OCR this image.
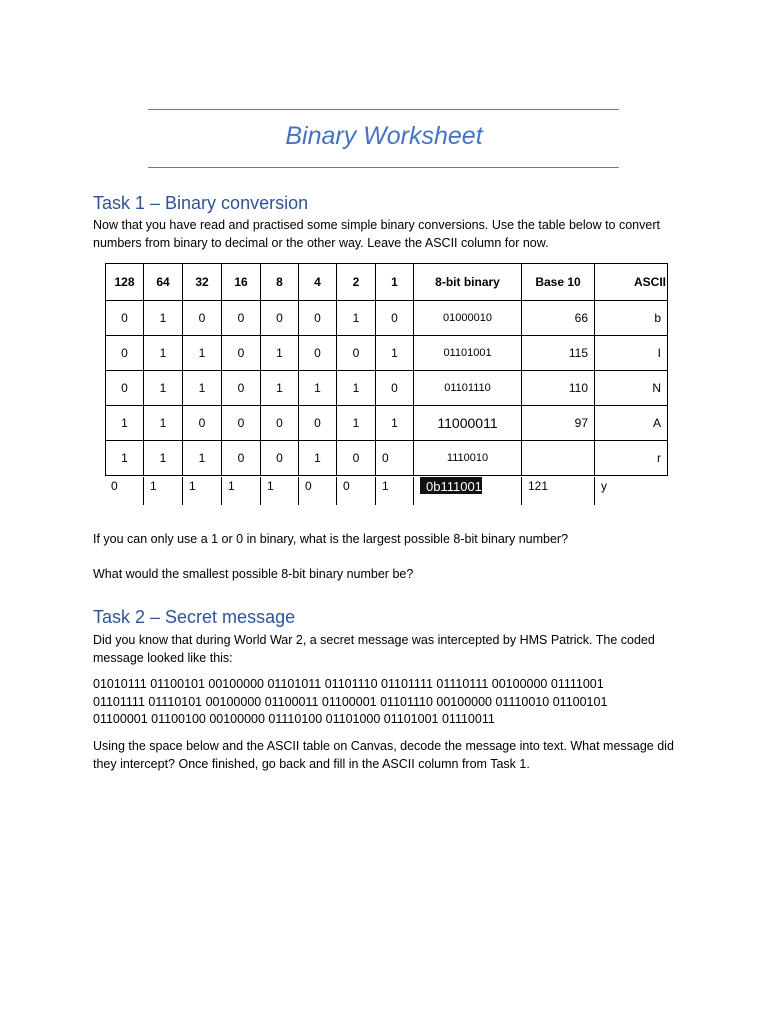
Binary Worksheet
Task 1 – Binary conversion

Now that you have read and practised some simple binary conversions. Use the table below to convert numbers from binary to decimal or the other way. Leave the ASCII column for now.

128	64	32	16	8	4	2	1	8-bit binary	Base 10	ASCII
0	1	0	0	0	0	1	0	01000010	66	b
0	1	1	0	1	0	0	1	01101001	115	I
0	1	1	0	1	1	1	0	01101110	110	N
1	1	0	0	0	0	1	1	11000011	97	A
1	1	1	0	0	1	0	0	1110010		r
0	1	1	1	1	0	0	1	0b111001	121	y

If you can only use a 1 or 0 in binary, what is the largest possible 8-bit binary number?

What would the smallest possible 8-bit binary number be?

Task 2 – Secret message

Did you know that during World War 2, a secret message was intercepted by HMS Patrick. The coded message looked like this:

01010111 01100101 00100000 01101011 01101110 01101111 01110111 00100000 01111001 01101111 01110101 00100000 01100011 01100001 01101110 00100000 01110010 01100101 01100001 01100100 00100000 01110100 01101000 01101001 01110011

Using the space below and the ASCII table on Canvas, decode the message into text. What message did they intercept? Once finished, go back and fill in the ASCII column from Task 1.
